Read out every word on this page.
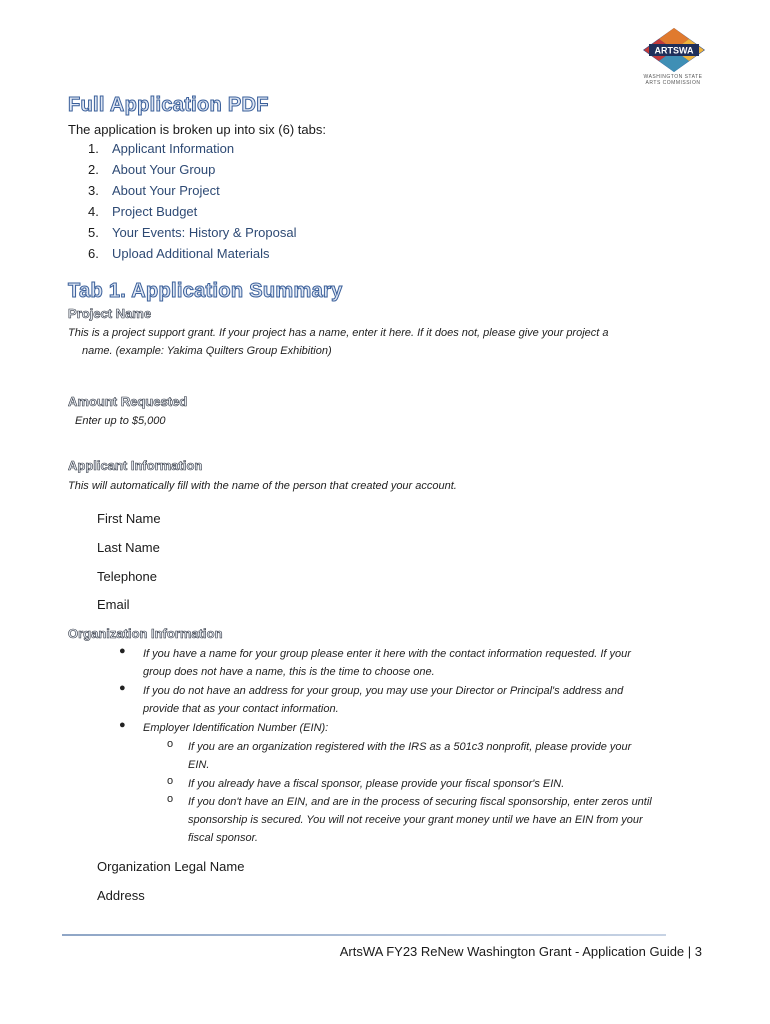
ARTSWA
WASHINGTON STATE
ARTS COMMISSION
Full Application PDF

The application is broken up into six (6) tabs:

1. Applicant Information
2. About Your Group
3. About Your Project
4. Project Budget
5. Your Events: History & Proposal
6. Upload Additional Materials
Tab 1. Application Summary
Project Name

This is a project support grant. If your project has a name, enter it here. If it does not, please give your project a

name. (example: Yakima Quilters Group Exhibition)

Amount Requested

Enter up to $5,000

Applicant Information

This will automatically fill with the name of the person that created your account.

First Name
Last Name
Telephone
Email
Organization Information
● If you have a name for your group please enter it here with the contact information requested. If your

group does not have a name, this is the time to choose one.

● If you do not have an address for your group, you may use your Director or Principal's address and

provide that as your contact information.

● Employer Identification Number (EIN):

o If you are an organization registered with the IRS as a 501c3 nonprofit, please provide your

EIN.

o If you already have a fiscal sponsor, please provide your fiscal sponsor's EIN.

o If you don't have an EIN, and are in the process of securing fiscal sponsorship, enter zeros until

sponsorship is secured. You will not receive your grant money until we have an EIN from your

fiscal sponsor.

Organization Legal Name
Address
ArtsWA FY23 ReNew Washington Grant - Application Guide | 3
